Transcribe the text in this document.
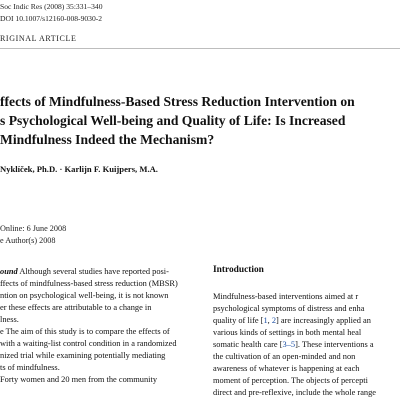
Soc Indic Res (2008) 35:331–340
DOI 10.1007/s12160-008-9030-2
RIGINAL ARTICLE
ffects of Mindfulness-Based Stress Reduction Intervention on
s Psychological Well-being and Quality of Life: Is Increased
Mindfulness Indeed the Mechanism?
Nyklíček, Ph.D. · Karlijn F. Kuijpers, M.A.
Online: 6 June 2008
e Author(s) 2008
ound Although several studies have reported posi-
ffects of mindfulness-based stress reduction (MBSR)
ntion on psychological well-being, it is not known
er these effects are attributable to a change in
lness.
e The aim of this study is to compare the effects of
with a waiting-list control condition in a randomized
nized trial while examining potentially mediating
ts of mindfulness.
Forty women and 20 men from the community
Introduction
Mindfulness-based interventions aimed at r
psychological symptoms of distress and enha
quality of life [1, 2] are increasingly applied an
various kinds of settings in both mental heal
somatic health care [3–5]. These interventions a
the cultivation of an open-minded and non
awareness of whatever is happening at each
moment of perception. The objects of percepti
direct and pre-reflexive, include the whole range
